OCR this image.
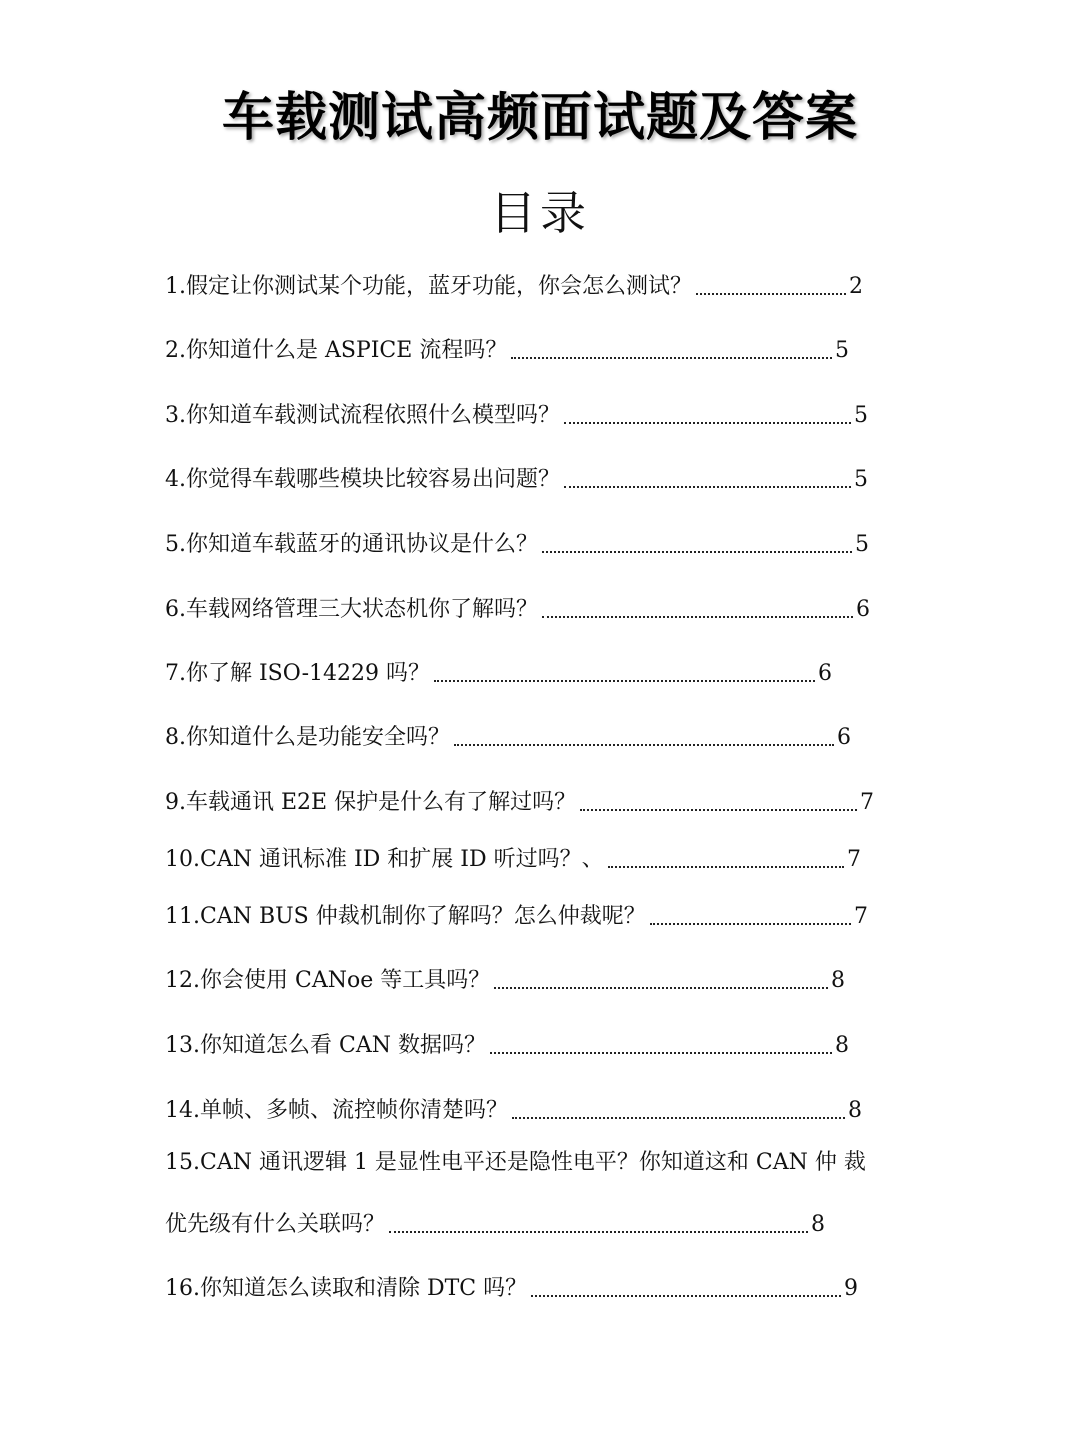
车载测试高频面试题及答案
目录
1.假定让你测试某个功能，蓝牙功能，你会怎么测试？	2
2.你知道什么是 ASPICE 流程吗？	5
3.你知道车载测试流程依照什么模型吗？	5
4.你觉得车载哪些模块比较容易出问题？	5
5.你知道车载蓝牙的通讯协议是什么？	5
6.车载网络管理三大状态机你了解吗？	6
7.你了解 ISO-14229 吗？	6
8.你知道什么是功能安全吗？	6
9.车载通讯 E2E 保护是什么有了解过吗？	7
10.CAN 通讯标准 ID 和扩展 ID 听过吗？、	7
11.CAN BUS 仲裁机制你了解吗？怎么仲裁呢？	7
12.你会使用 CANoe 等工具吗？	8
13.你知道怎么看 CAN 数据吗？	8
14.单帧、多帧、流控帧你清楚吗？	8
15.CAN 通讯逻辑 1 是显性电平还是隐性电平？你知道这和 CAN 仲 裁
优先级有什么关联吗？	8
16.你知道怎么读取和清除 DTC 吗？	9
